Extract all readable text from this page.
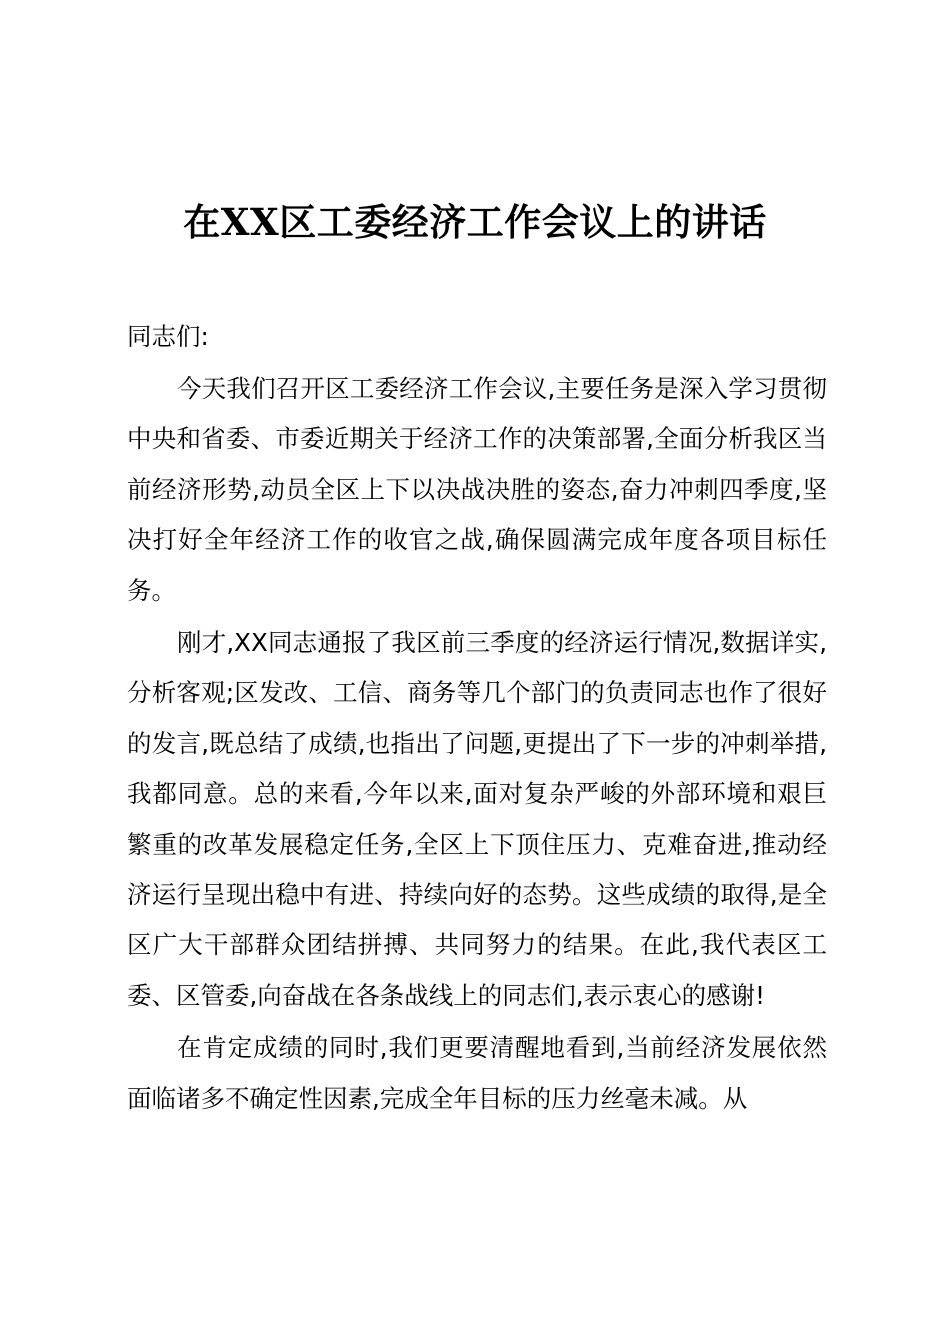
在XX区工委经济工作会议上的讲话
同志们:

今天我们召开区工委经济工作会议,主要任务是深入学习贯彻中央和省委、市委近期关于经济工作的决策部署,全面分析我区当前经济形势,动员全区上下以决战决胜的姿态,奋力冲刺四季度,坚决打好全年经济工作的收官之战,确保圆满完成年度各项目标任务。

刚才,XX同志通报了我区前三季度的经济运行情况,数据详实,分析客观;区发改、工信、商务等几个部门的负责同志也作了很好的发言,既总结了成绩,也指出了问题,更提出了下一步的冲刺举措,我都同意。总的来看,今年以来,面对复杂严峻的外部环境和艰巨繁重的改革发展稳定任务,全区上下顶住压力、克难奋进,推动经济运行呈现出稳中有进、持续向好的态势。这些成绩的取得,是全区广大干部群众团结拼搏、共同努力的结果。在此,我代表区工委、区管委,向奋战在各条战线上的同志们,表示衷心的感谢!

在肯定成绩的同时,我们更要清醒地看到,当前经济发展依然面临诸多不确定性因素,完成全年目标的压力丝毫未减。从
